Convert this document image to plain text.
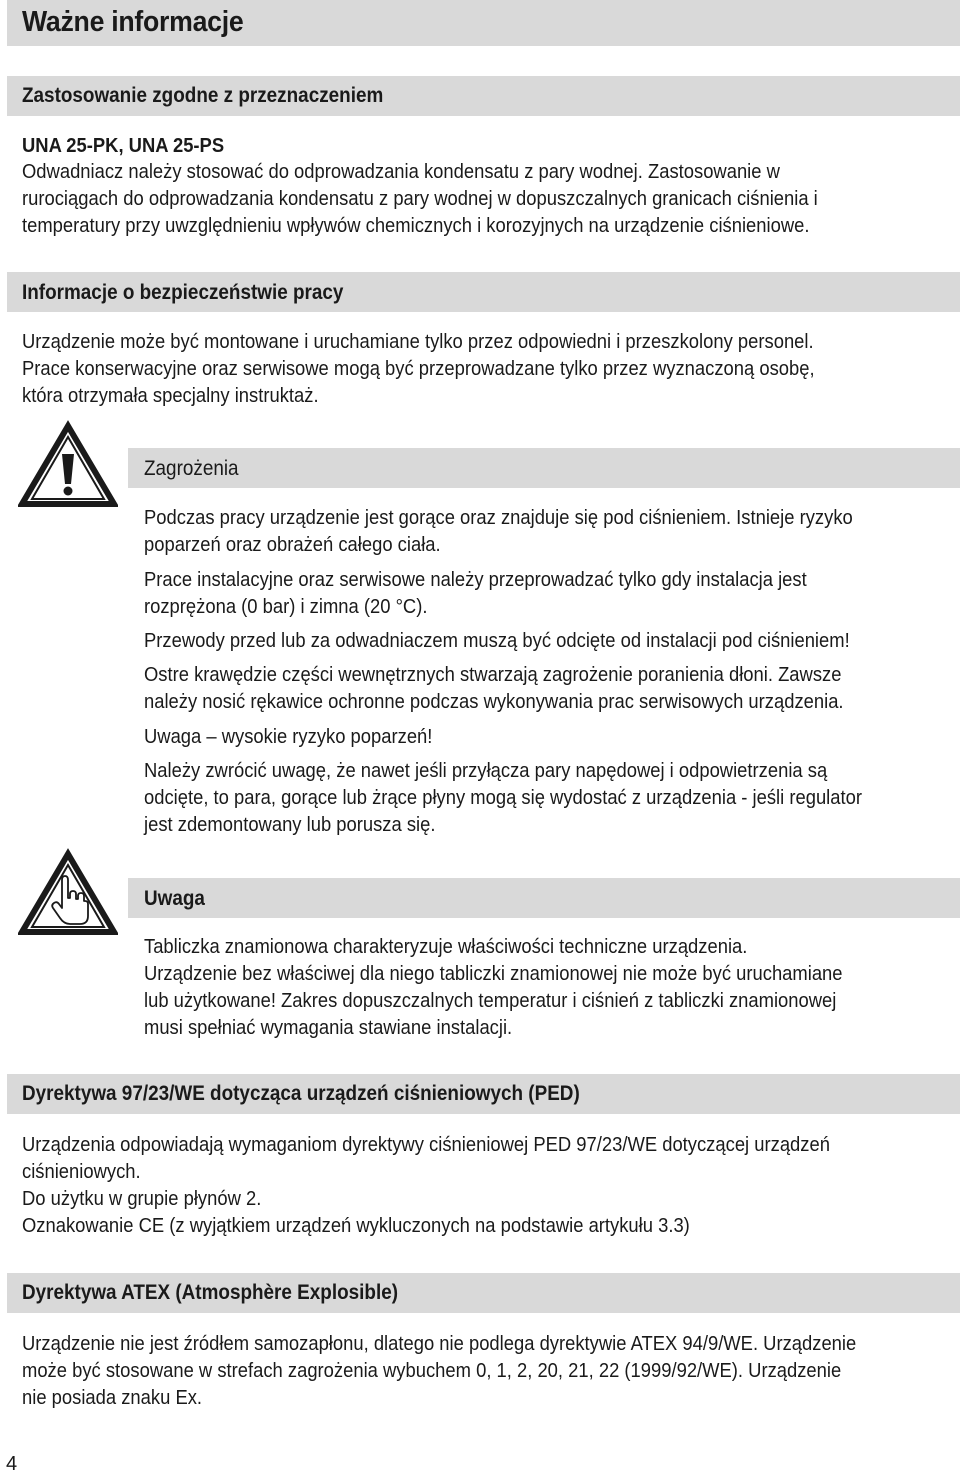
Ważne informacje
Zastosowanie zgodne z przeznaczeniem
UNA 25-PK, UNA 25-PS
Odwadniacz należy stosować do odprowadzania kondensatu z pary wodnej. Zastosowanie w
rurociągach do odprowadzania kondensatu z pary wodnej w dopuszczalnych granicach ciśnienia i
temperatury przy uwzględnieniu wpływów chemicznych i korozyjnych na urządzenie ciśnieniowe.
Informacje o bezpieczeństwie pracy
Urządzenie może być montowane i uruchamiane tylko przez odpowiedni i przeszkolony personel.
Prace konserwacyjne oraz serwisowe mogą być przeprowadzane tylko przez wyznaczoną osobę,
która otrzymała specjalny instruktaż.
Zagrożenia
Podczas pracy urządzenie jest gorące oraz znajduje się pod ciśnieniem. Istnieje ryzyko
poparzeń oraz obrażeń całego ciała.
Prace instalacyjne oraz serwisowe należy przeprowadzać tylko gdy instalacja jest
rozprężona (0 bar) i zimna (20 °C).
Przewody przed lub za odwadniaczem muszą być odcięte od instalacji pod ciśnieniem!
Ostre krawędzie części wewnętrznych stwarzają zagrożenie poranienia dłoni. Zawsze
należy nosić rękawice ochronne podczas wykonywania prac serwisowych urządzenia.
Uwaga – wysokie ryzyko poparzeń!
Należy zwrócić uwagę, że nawet jeśli przyłącza pary napędowej i odpowietrzenia są
odcięte, to para, gorące lub żrące płyny mogą się wydostać z urządzenia - jeśli regulator
jest zdemontowany lub porusza się.
Uwaga
Tabliczka znamionowa charakteryzuje właściwości techniczne urządzenia.
Urządzenie bez właściwej dla niego tabliczki znamionowej nie może być uruchamiane
lub użytkowane! Zakres dopuszczalnych temperatur i ciśnień z tabliczki znamionowej
musi spełniać wymagania stawiane instalacji.
Dyrektywa 97/23/WE dotycząca urządzeń ciśnieniowych (PED)
Urządzenia odpowiadają wymaganiom dyrektywy ciśnieniowej PED 97/23/WE dotyczącej urządzeń
ciśnieniowych.
Do użytku w grupie płynów 2.
Oznakowanie CE (z wyjątkiem urządzeń wykluczonych na podstawie artykułu 3.3)
Dyrektywa ATEX (Atmosphère Explosible)
Urządzenie nie jest źródłem samozapłonu, dlatego nie podlega dyrektywie ATEX 94/9/WE. Urządzenie
może być stosowane w strefach zagrożenia wybuchem 0, 1, 2, 20, 21, 22 (1999/92/WE). Urządzenie
nie posiada znaku Ex.
4
